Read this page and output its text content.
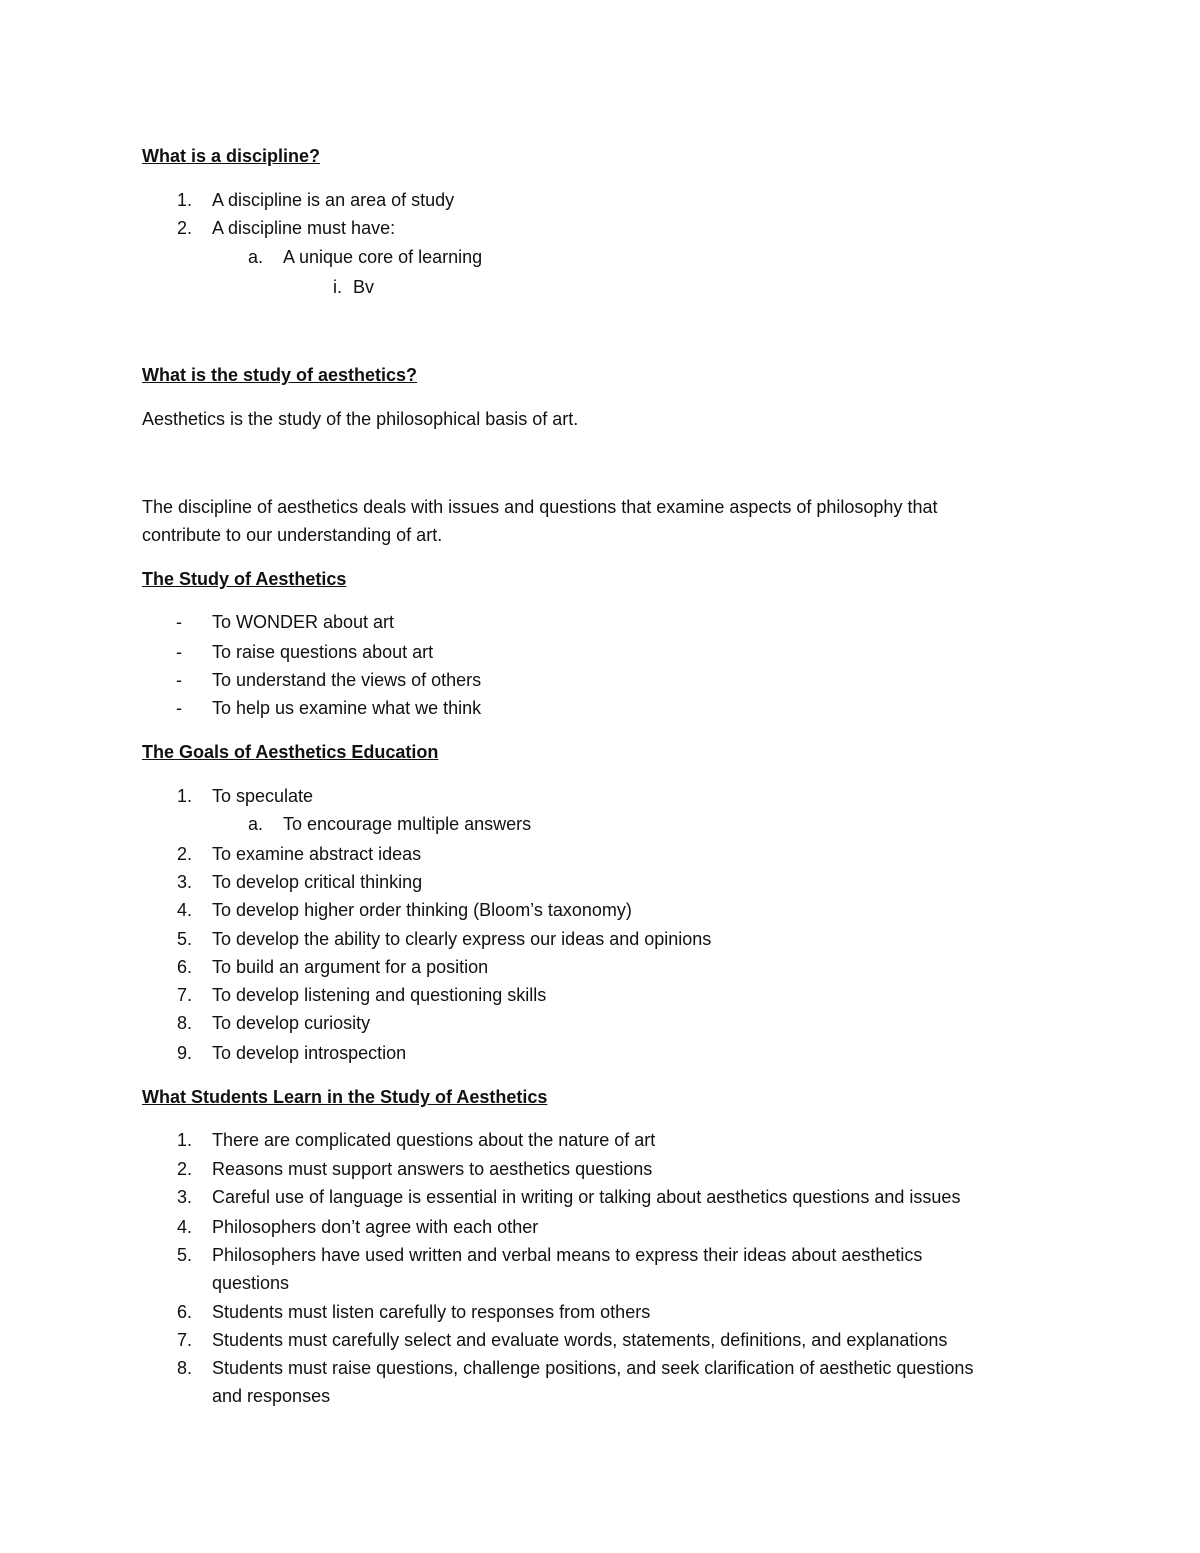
What is a discipline?
1. A discipline is an area of study
2. A discipline must have:
a. A unique core of learning
i. Bv
What is the study of aesthetics?
Aesthetics is the study of the philosophical basis of art.
The discipline of aesthetics deals with issues and questions that examine aspects of philosophy that
contribute to our understanding of art.
The Study of Aesthetics
- To WONDER about art
- To raise questions about art
- To understand the views of others
- To help us examine what we think
The Goals of Aesthetics Education
1. To speculate
a. To encourage multiple answers
2. To examine abstract ideas
3. To develop critical thinking
4. To develop higher order thinking (Bloom’s taxonomy)
5. To develop the ability to clearly express our ideas and opinions
6. To build an argument for a position
7. To develop listening and questioning skills
8. To develop curiosity
9. To develop introspection
What Students Learn in the Study of Aesthetics
1. There are complicated questions about the nature of art
2. Reasons must support answers to aesthetics questions
3. Careful use of language is essential in writing or talking about aesthetics questions and issues
4. Philosophers don’t agree with each other
5. Philosophers have used written and verbal means to express their ideas about aesthetics
questions
6. Students must listen carefully to responses from others
7. Students must carefully select and evaluate words, statements, definitions, and explanations
8. Students must raise questions, challenge positions, and seek clarification of aesthetic questions
and responses
